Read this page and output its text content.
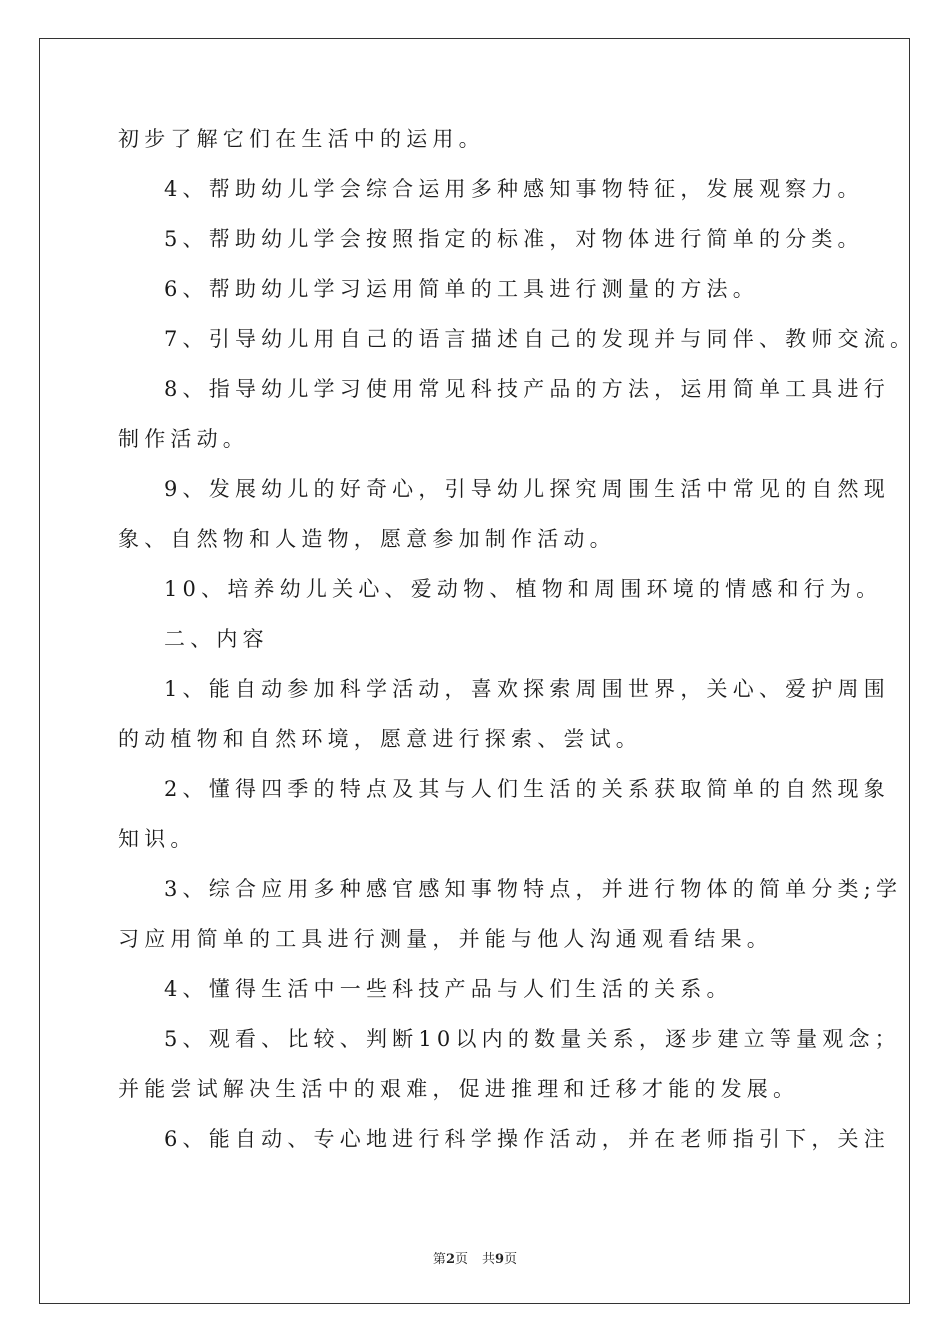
初步了解它们在生活中的运用。
4、帮助幼儿学会综合运用多种感知事物特征，发展观察力。
5、帮助幼儿学会按照指定的标准，对物体进行简单的分类。
6、帮助幼儿学习运用简单的工具进行测量的方法。
7、引导幼儿用自己的语言描述自己的发现并与同伴、教师交流。
8、指导幼儿学习使用常见科技产品的方法，运用简单工具进行
制作活动。
9、发展幼儿的好奇心，引导幼儿探究周围生活中常见的自然现
象、自然物和人造物，愿意参加制作活动。
10、培养幼儿关心、爱动物、植物和周围环境的情感和行为。
二、内容
1、能自动参加科学活动，喜欢探索周围世界，关心、爱护周围
的动植物和自然环境，愿意进行探索、尝试。
2、懂得四季的特点及其与人们生活的关系获取简单的自然现象
知识。
3、综合应用多种感官感知事物特点，并进行物体的简单分类;学
习应用简单的工具进行测量，并能与他人沟通观看结果。
4、懂得生活中一些科技产品与人们生活的关系。
5、观看、比较、判断10以内的数量关系，逐步建立等量观念；
并能尝试解决生活中的艰难，促进推理和迁移才能的发展。
6、能自动、专心地进行科学操作活动，并在老师指引下，关注
第2页 共9页
